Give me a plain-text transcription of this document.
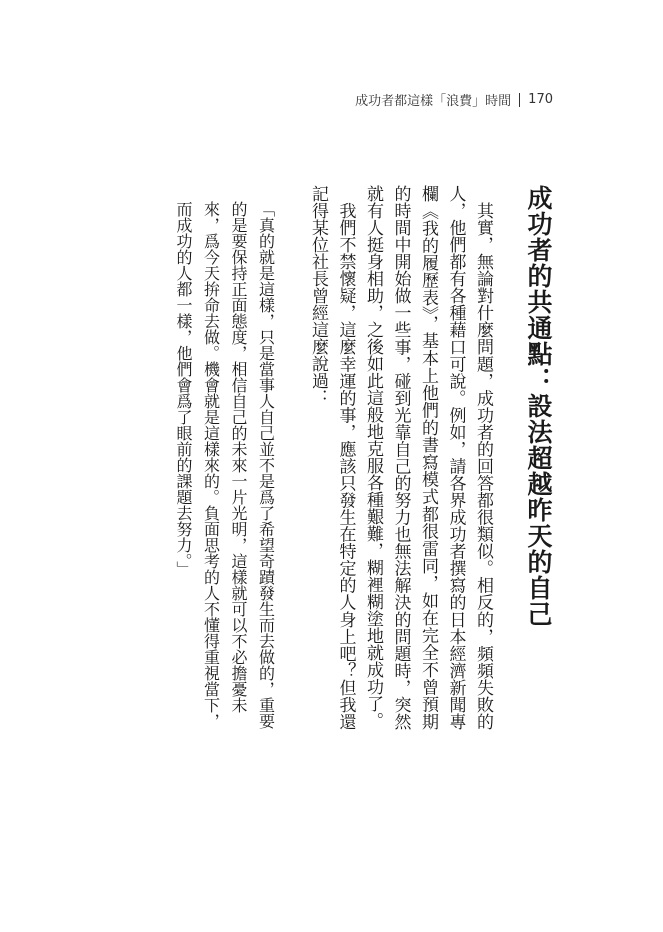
成功者都這樣「浪費」時間 170
成功者的共通點：設法超越昨天的自己

其實，無論對什麼問題，成功者的回答都很類似。相反的，頻頻失敗的人，他們都有各種藉口可說。例如，請各界成功者撰寫的日本經濟新聞專欄《我的履歷表》，基本上他們的書寫模式都很雷同，如在完全不曾預期的時間中開始做一些事，碰到光靠自己的努力也無法解決的問題時，突然就有人挺身相助，之後如此這般地克服各種艱難，糊裡糊塗地就成功了。

我們不禁懷疑，這麼幸運的事，應該只發生在特定的人身上吧？但我還記得某位社長曾經這麼說過：

「真的就是這樣，只是當事人自己並不是爲了希望奇蹟發生而去做的，重要的是要保持正面態度，相信自己的未來一片光明，這樣就可以不必擔憂未來，爲今天拚命去做。機會就是這樣來的。負面思考的人不懂得重視當下，而成功的人都一樣，他們會爲了眼前的課題去努力。」
